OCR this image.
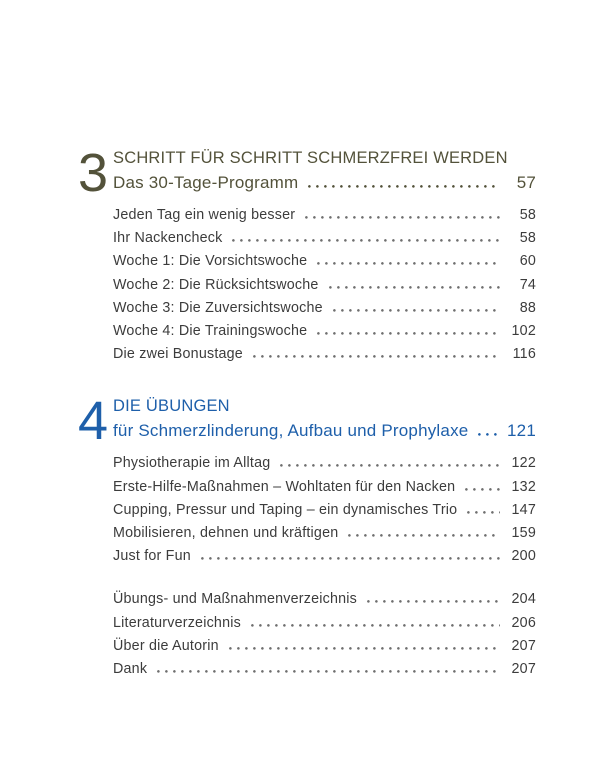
3 SCHRITT FÜR SCHRITT SCHMERZFREI WERDEN
Das 30-Tage-Programm	57
Jeden Tag ein wenig besser	58
Ihr Nackencheck	58
Woche 1: Die Vorsichtswoche	60
Woche 2: Die Rücksichtswoche	74
Woche 3: Die Zuversichtswoche	88
Woche 4: Die Trainingswoche	102
Die zwei Bonustage	116
4 DIE ÜBUNGEN
für Schmerzlinderung, Aufbau und Prophylaxe 121
Physiotherapie im Alltag	122
Erste-Hilfe-Maßnahmen – Wohltaten für den Nacken	132
Cupping, Pressur und Taping – ein dynamisches Trio	147
Mobilisieren, dehnen und kräftigen	159
Just for Fun	200
Übungs- und Maßnahmenverzeichnis	204
Literaturverzeichnis	206
Über die Autorin	207
Dank	207
